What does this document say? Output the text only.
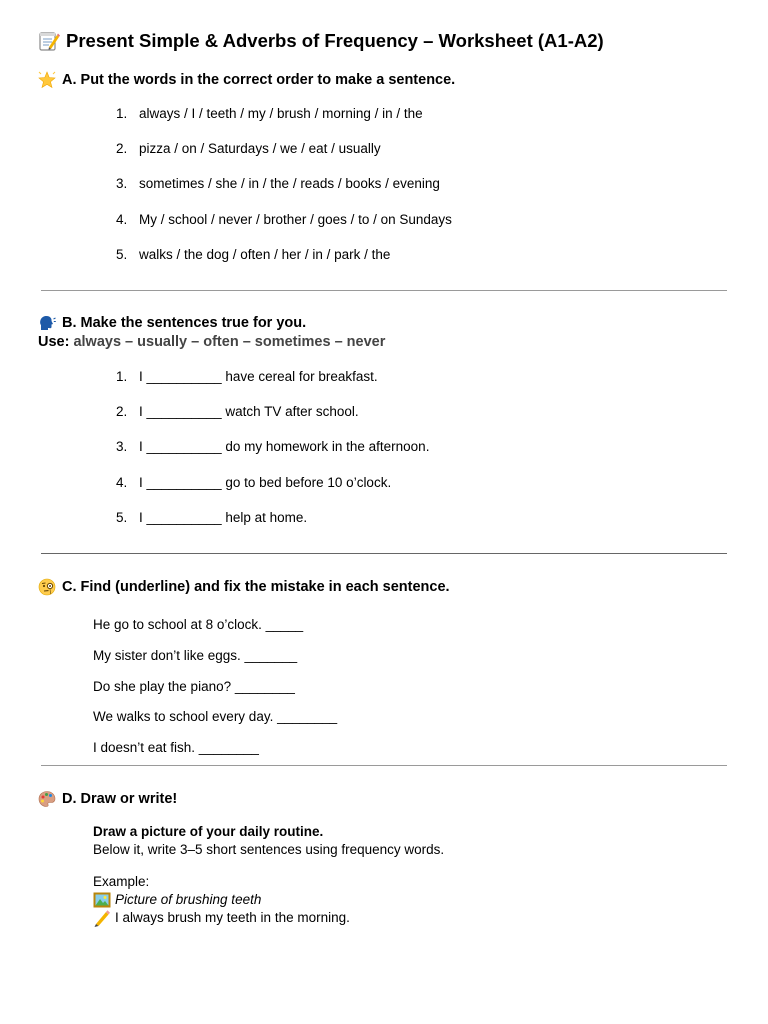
Present Simple & Adverbs of Frequency – Worksheet (A1-A2)
A. Put the words in the correct order to make a sentence.
1. always / I / teeth / my / brush / morning / in / the
2. pizza / on / Saturdays / we / eat / usually
3. sometimes / she / in / the / reads / books / evening
4. My / school / never / brother / goes / to / on Sundays
5. walks / the dog / often / her / in / park / the
B. Make the sentences true for you.
Use: always – usually – often – sometimes – never
1. I __________ have cereal for breakfast.
2. I __________ watch TV after school.
3. I __________ do my homework in the afternoon.
4. I __________ go to bed before 10 o’clock.
5. I __________ help at home.
C. Find (underline) and fix the mistake in each sentence.
He go to school at 8 o’clock. _____
My sister don’t like eggs. _______
Do she play the piano? ________
We walks to school every day. ________
I doesn’t eat fish. ________
D. Draw or write!
Draw a picture of your daily routine.
Below it, write 3–5 short sentences using frequency words.
Example:
Picture of brushing teeth
I always brush my teeth in the morning.
